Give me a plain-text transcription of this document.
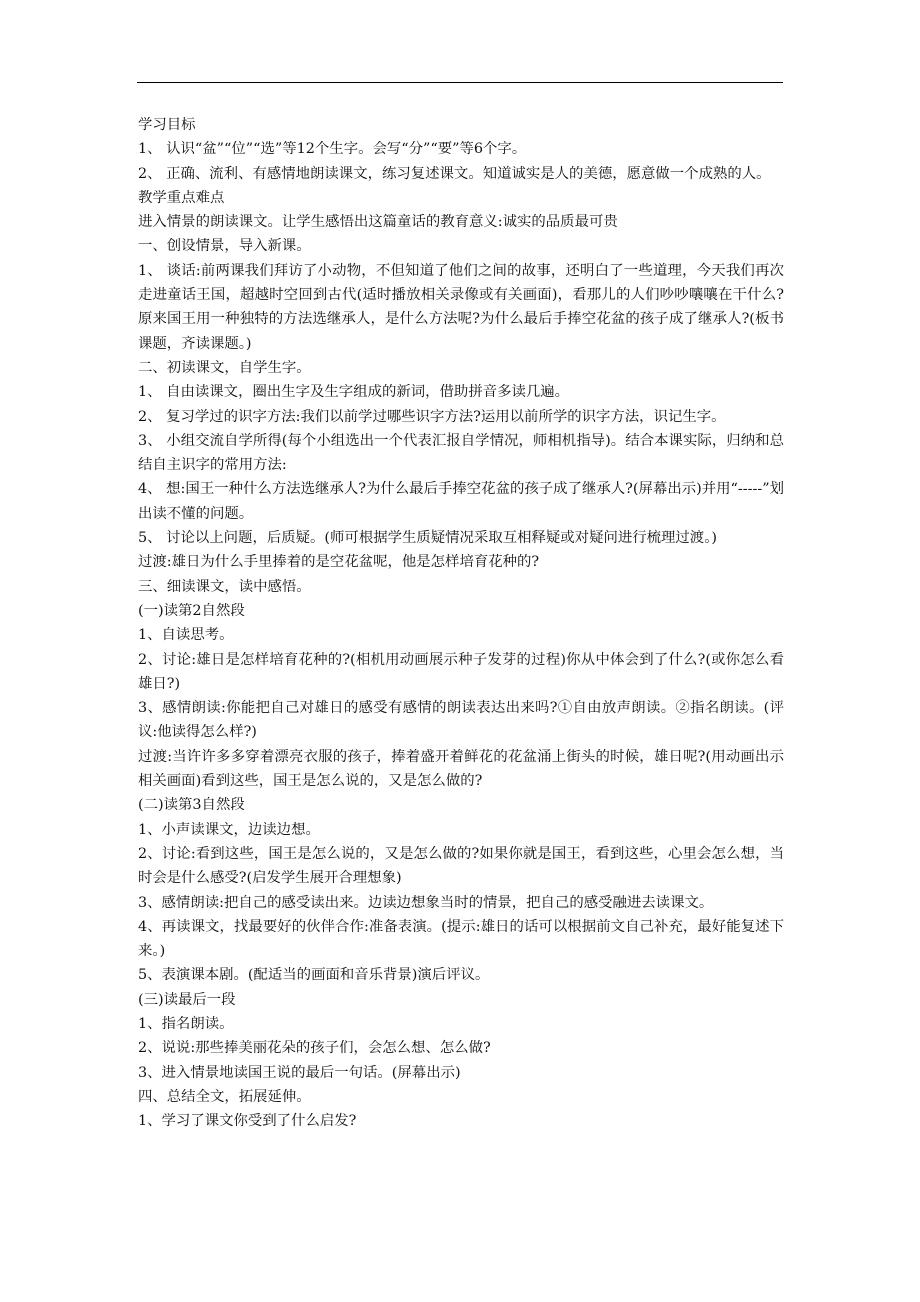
学习目标

1、 认识“盆”“位”“选”等12个生字。会写“分”“要”等6个字。

2、 正确、流利、有感情地朗读课文，练习复述课文。知道诚实是人的美德，愿意做一个成熟的人。

教学重点难点

进入情景的朗读课文。让学生感悟出这篇童话的教育意义:诚实的品质最可贵

一、创设情景，导入新课。

1、 谈话:前两课我们拜访了小动物，不但知道了他们之间的故事，还明白了一些道理，今天我们再次走进童话王国，超越时空回到古代(适时播放相关录像或有关画面)，看那儿的人们吵吵嚷嚷在干什么?原来国王用一种独特的方法选继承人，是什么方法呢?为什么最后手捧空花盆的孩子成了继承人?(板书课题，齐读课题。)

二、初读课文，自学生字。

1、 自由读课文，圈出生字及生字组成的新词，借助拼音多读几遍。

2、 复习学过的识字方法:我们以前学过哪些识字方法?运用以前所学的识字方法，识记生字。

3、 小组交流自学所得(每个小组选出一个代表汇报自学情况，师相机指导)。结合本课实际，归纳和总结自主识字的常用方法:

4、 想:国王一种什么方法选继承人?为什么最后手捧空花盆的孩子成了继承人?(屏幕出示)并用“-----”划出读不懂的问题。

5、 讨论以上问题，后质疑。(师可根据学生质疑情况采取互相释疑或对疑问进行梳理过渡。)

过渡:雄日为什么手里捧着的是空花盆呢，他是怎样培育花种的?

三、细读课文，读中感悟。

(一)读第2自然段

1、自读思考。

2、讨论:雄日是怎样培育花种的?(相机用动画展示种子发芽的过程)你从中体会到了什么?(或你怎么看雄日?)

3、感情朗读:你能把自己对雄日的感受有感情的朗读表达出来吗?①自由放声朗读。②指名朗读。(评议:他读得怎么样?)

过渡:当许许多多穿着漂亮衣服的孩子，捧着盛开着鲜花的花盆涌上街头的时候，雄日呢?(用动画出示相关画面)看到这些，国王是怎么说的，又是怎么做的?

(二)读第3自然段

1、小声读课文，边读边想。

2、讨论:看到这些，国王是怎么说的，又是怎么做的?如果你就是国王，看到这些，心里会怎么想，当时会是什么感受?(启发学生展开合理想象)

3、感情朗读:把自己的感受读出来。边读边想象当时的情景，把自己的感受融进去读课文。

4、再读课文，找最要好的伙伴合作:准备表演。(提示:雄日的话可以根据前文自己补充，最好能复述下来。)

5、表演课本剧。(配适当的画面和音乐背景)演后评议。

(三)读最后一段

1、指名朗读。

2、说说:那些捧美丽花朵的孩子们，会怎么想、怎么做?

3、进入情景地读国王说的最后一句话。(屏幕出示)

四、总结全文，拓展延伸。

1、学习了课文你受到了什么启发?
